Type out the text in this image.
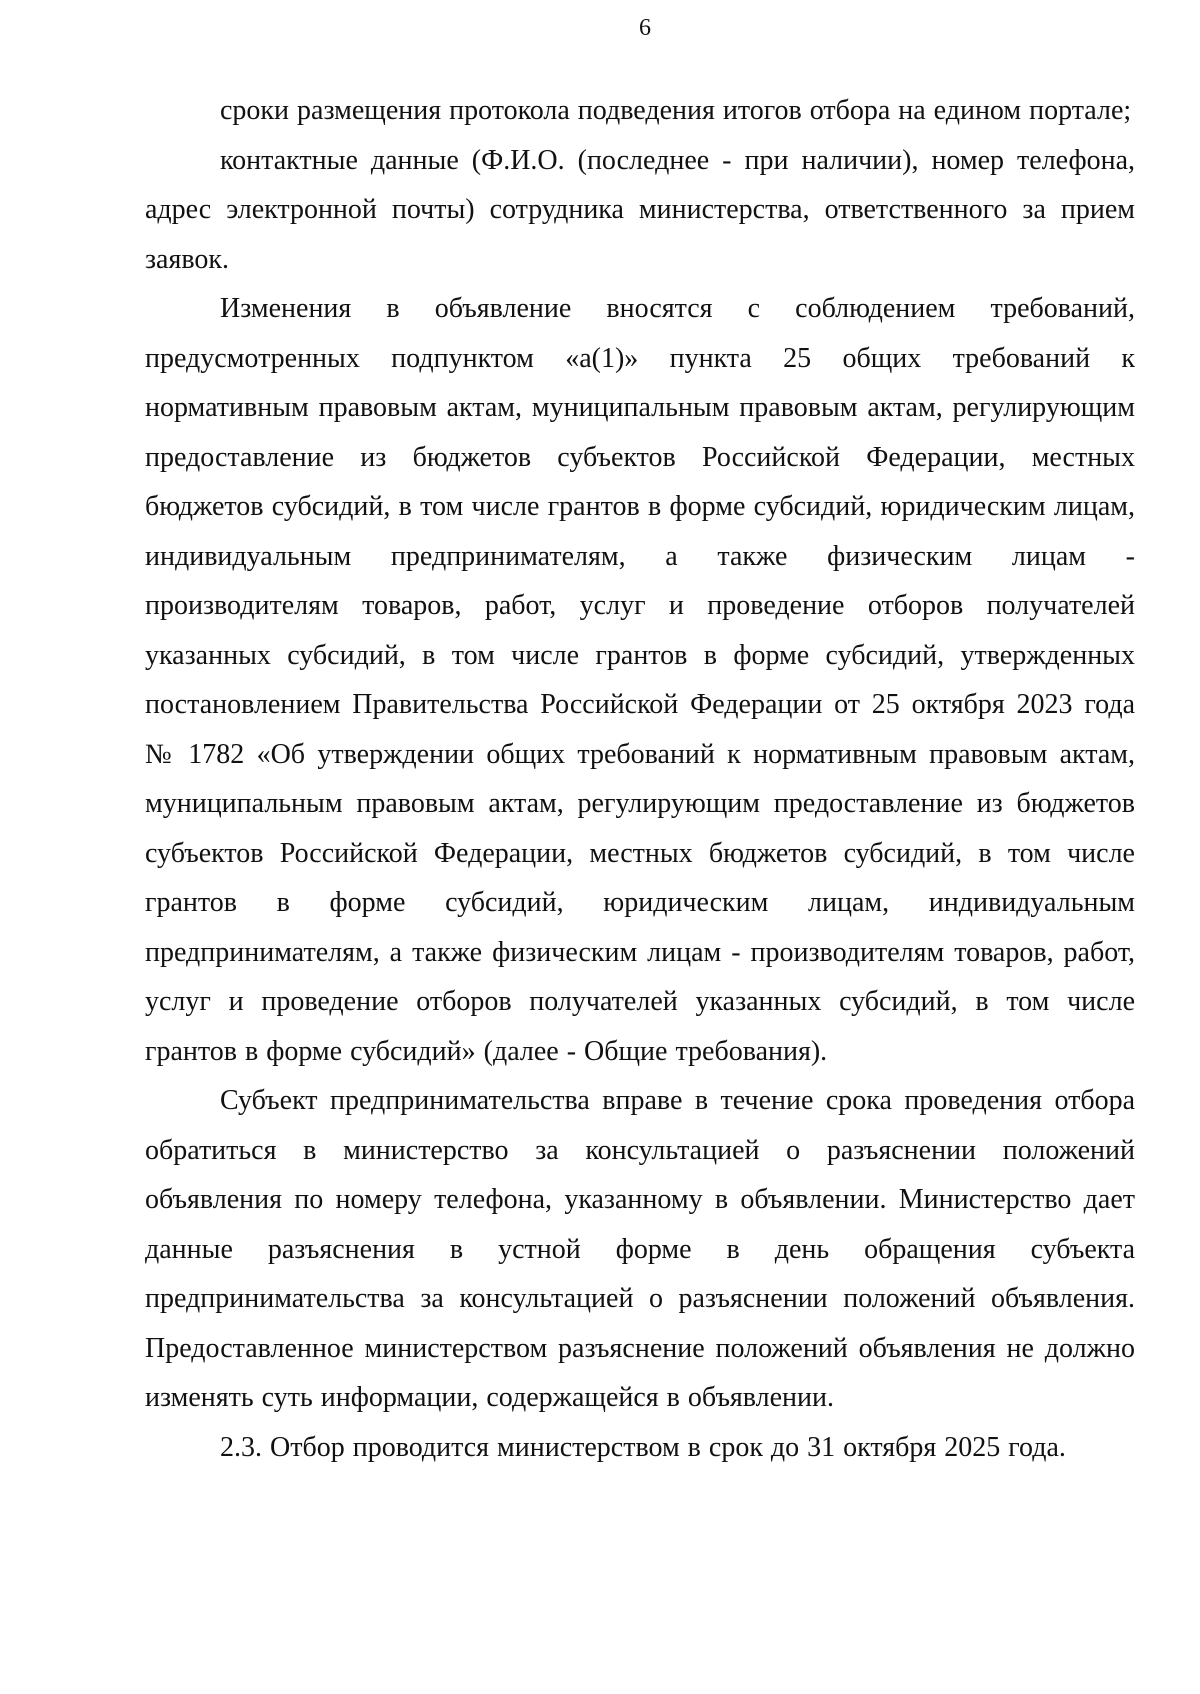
6

сроки размещения протокола подведения итогов отбора на едином портале;

контактные данные (Ф.И.О. (последнее - при наличии), номер телефона, адрес электронной почты) сотрудника министерства, ответственного за прием заявок.

Изменения в объявление вносятся с соблюдением требований, предусмотренных подпунктом «а(1)» пункта 25 общих требований к нормативным правовым актам, муниципальным правовым актам, регулирующим предоставление из бюджетов субъектов Российской Федерации, местных бюджетов субсидий, в том числе грантов в форме субсидий, юридическим лицам, индивидуальным предпринимателям, а также физическим лицам - производителям товаров, работ, услуг и проведение отборов получателей указанных субсидий, в том числе грантов в форме субсидий, утвержденных постановлением Правительства Российской Федерации от 25 октября 2023 года № 1782 «Об утверждении общих требований к нормативным правовым актам, муниципальным правовым актам, регулирующим предоставление из бюджетов субъектов Российской Федерации, местных бюджетов субсидий, в том числе грантов в форме субсидий, юридическим лицам, индивидуальным предпринимателям, а также физическим лицам - производителям товаров, работ, услуг и проведение отборов получателей указанных субсидий, в том числе грантов в форме субсидий» (далее - Общие требования).

Субъект предпринимательства вправе в течение срока проведения отбора обратиться в министерство за консультацией о разъяснении положений объявления по номеру телефона, указанному в объявлении. Министерство дает данные разъяснения в устной форме в день обращения субъекта предпринимательства за консультацией о разъяснении положений объявления. Предоставленное министерством разъяснение положений объявления не должно изменять суть информации, содержащейся в объявлении.

2.3. Отбор проводится министерством в срок до 31 октября 2025 года.
